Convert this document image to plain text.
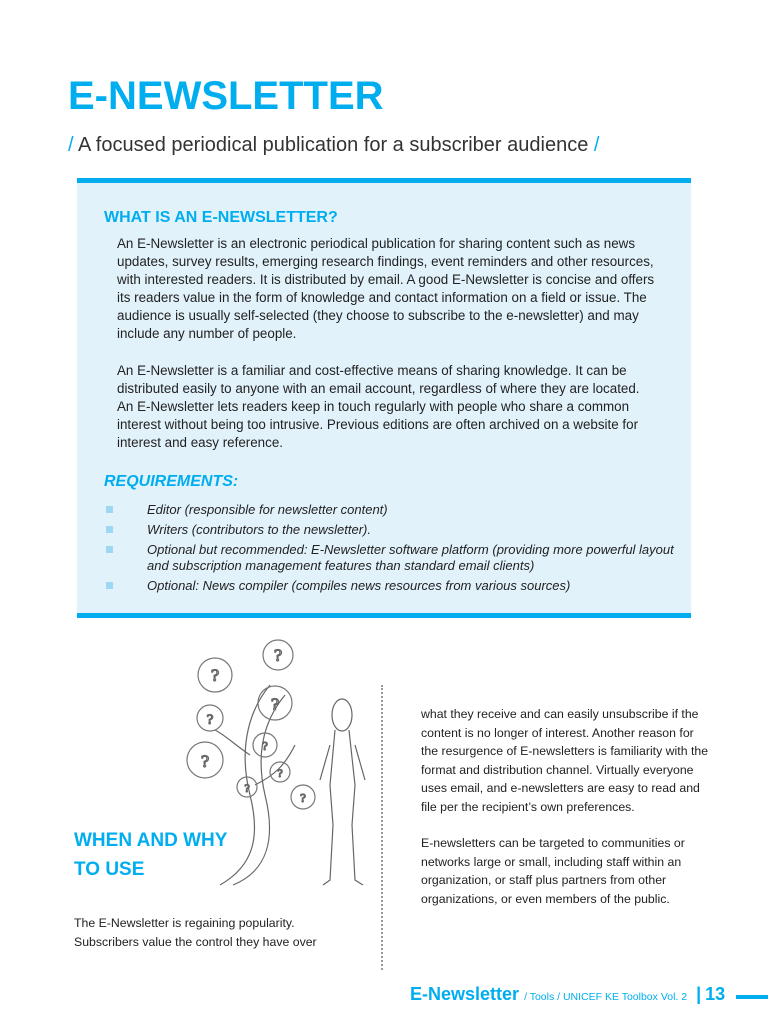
E-NEWSLETTER
/ A focused periodical publication for a subscriber audience /
WHAT IS AN E-NEWSLETTER?
An E-Newsletter is an electronic periodical publication for sharing content such as news updates, survey results, emerging research findings, event reminders and other resources, with interested readers. It is distributed by email. A good E-Newsletter is concise and offers its readers value in the form of knowledge and contact information on a field or issue. The audience is usually self-selected (they choose to subscribe to the e-newsletter) and may include any number of people.
An E-Newsletter is a familiar and cost-effective means of sharing knowledge. It can be distributed easily to anyone with an email account, regardless of where they are located. An E-Newsletter lets readers keep in touch regularly with people who share a common interest without being too intrusive. Previous editions are often archived on a website for interest and easy reference.
REQUIREMENTS:
Editor (responsible for newsletter content)
Writers (contributors to the newsletter).
Optional but recommended: E-Newsletter software platform (providing more powerful layout and subscription management features than standard email clients)
Optional: News compiler (compiles news resources from various sources)
?
?
?
?
?
?
?
?
?
WHEN AND WHY
TO USE
The E-Newsletter is regaining popularity. Subscribers value the control they have over

what they receive and can easily unsubscribe if the content is no longer of interest. Another reason for the resurgence of E-newsletters is familiarity with the format and distribution channel. Virtually everyone uses email, and e-newsletters are easy to read and file per the recipient’s own preferences.

E-newsletters can be targeted to communities or networks large or small, including staff within an organization, or staff plus partners from other organizations, or even members of the public.

E-Newsletter / Tools / UNICEF KE Toolbox Vol. 2 | 13
